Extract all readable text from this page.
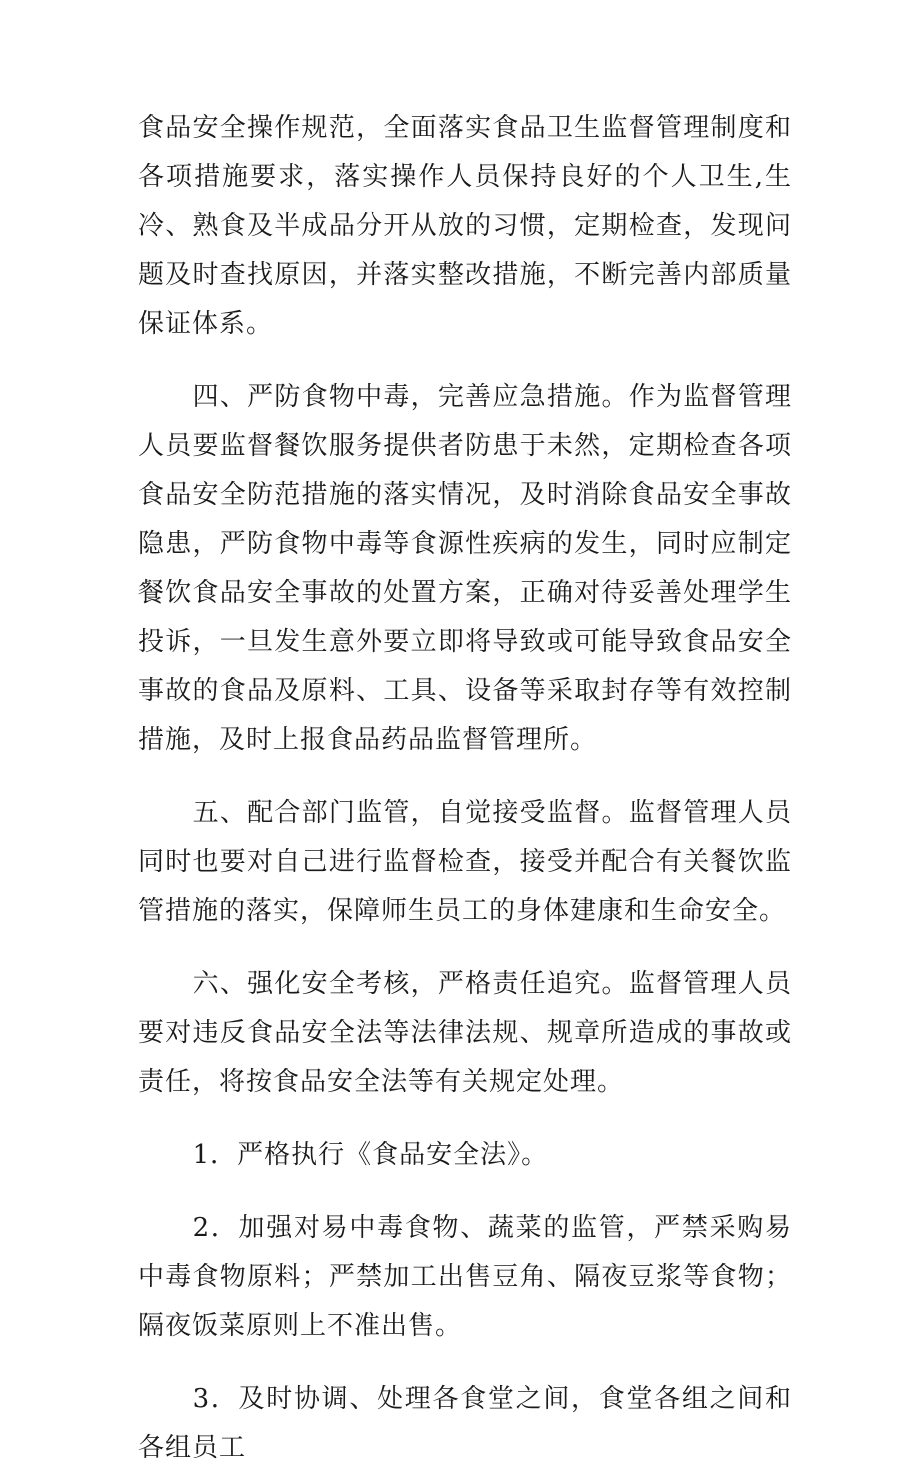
食品安全操作规范，全面落实食品卫生监督管理制度和各项措施要求，落实操作人员保持良好的个人卫生,生冷、熟食及半成品分开从放的习惯，定期检查，发现问题及时查找原因，并落实整改措施，不断完善内部质量保证体系。

四、严防食物中毒，完善应急措施。作为监督管理人员要监督餐饮服务提供者防患于未然，定期检查各项食品安全防范措施的落实情况，及时消除食品安全事故隐患，严防食物中毒等食源性疾病的发生，同时应制定餐饮食品安全事故的处置方案，正确对待妥善处理学生投诉，一旦发生意外要立即将导致或可能导致食品安全事故的食品及原料、工具、设备等采取封存等有效控制措施，及时上报食品药品监督管理所。

五、配合部门监管，自觉接受监督。监督管理人员同时也要对自己进行监督检查，接受并配合有关餐饮监管措施的落实，保障师生员工的身体建康和生命安全。

六、强化安全考核，严格责任追究。监督管理人员要对违反食品安全法等法律法规、规章所造成的事故或责任，将按食品安全法等有关规定处理。

1．严格执行《食品安全法》。

2．加强对易中毒食物、蔬菜的监管，严禁采购易中毒食物原料；严禁加工出售豆角、隔夜豆浆等食物；隔夜饭菜原则上不准出售。

3．及时协调、处理各食堂之间，食堂各组之间和各组员工
